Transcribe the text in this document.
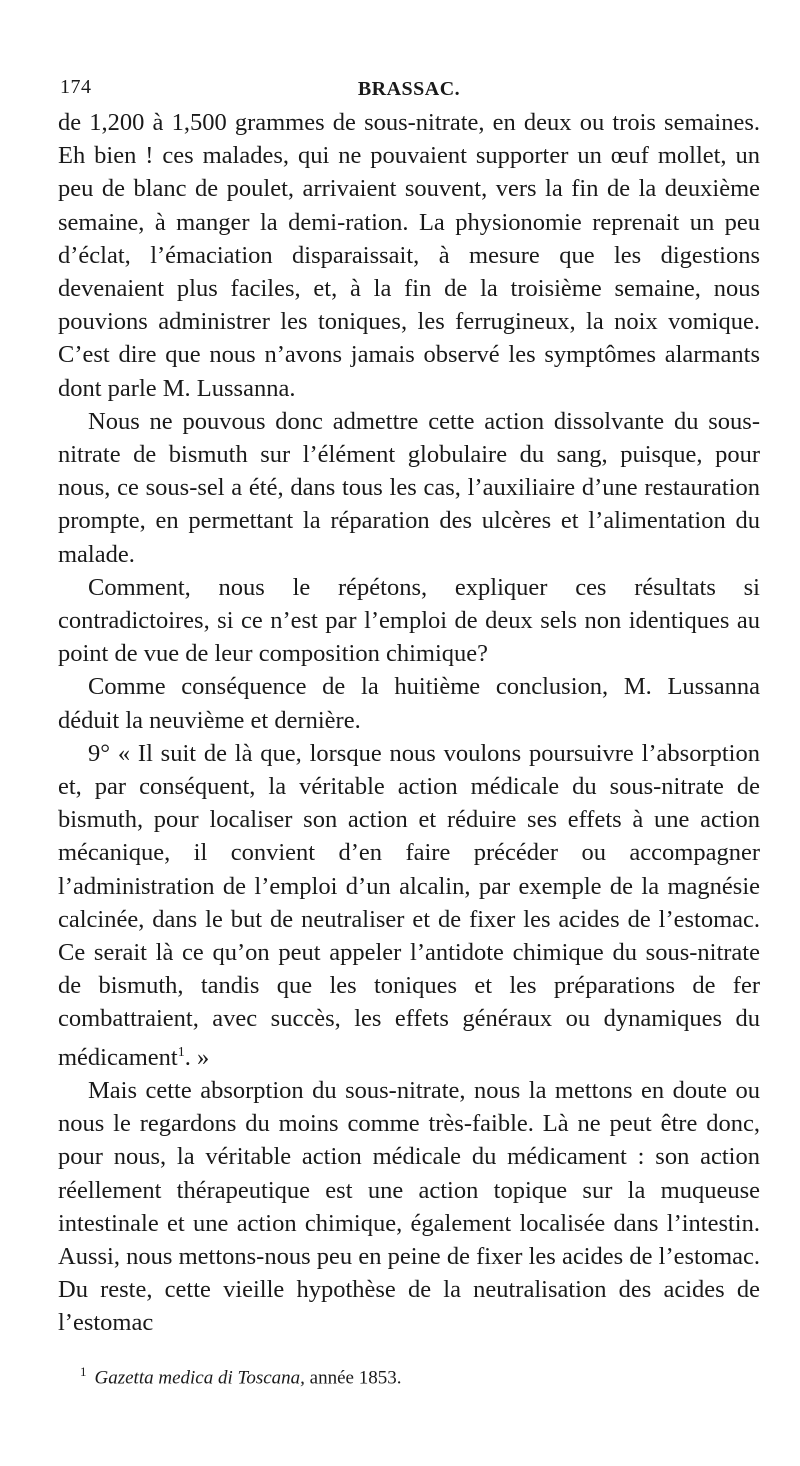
174	BRASSAC.

de 1,200 à 1,500 grammes de sous-nitrate, en deux ou trois semaines. Eh bien ! ces malades, qui ne pouvaient supporter un œuf mollet, un peu de blanc de poulet, arrivaient souvent, vers la fin de la deuxième semaine, à manger la demi-ration. La physionomie reprenait un peu d’éclat, l’émaciation disparaissait, à mesure que les digestions devenaient plus faciles, et, à la fin de la troisième semaine, nous pouvions administrer les toniques, les ferrugineux, la noix vomique. C’est dire que nous n’avons jamais observé les symptômes alarmants dont parle M. Lussanna.

Nous ne pouvous donc admettre cette action dissolvante du sous-nitrate de bismuth sur l’élément globulaire du sang, puisque, pour nous, ce sous-sel a été, dans tous les cas, l’auxiliaire d’une restauration prompte, en permettant la réparation des ulcères et l’alimentation du malade.

Comment, nous le répétons, expliquer ces résultats si contradictoires, si ce n’est par l’emploi de deux sels non identiques au point de vue de leur composition chimique?

Comme conséquence de la huitième conclusion, M. Lussanna déduit la neuvième et dernière.

9° « Il suit de là que, lorsque nous voulons poursuivre l’absorption et, par conséquent, la véritable action médicale du sous-nitrate de bismuth, pour localiser son action et réduire ses effets à une action mécanique, il convient d’en faire précéder ou accompagner l’administration de l’emploi d’un alcalin, par exemple de la magnésie calcinée, dans le but de neutraliser et de fixer les acides de l’estomac. Ce serait là ce qu’on peut appeler l’antidote chimique du sous-nitrate de bismuth, tandis que les toniques et les préparations de fer combattraient, avec succès, les effets généraux ou dynamiques du médicament$^1$. »

Mais cette absorption du sous-nitrate, nous la mettons en doute ou nous le regardons du moins comme très-faible. Là ne peut être donc, pour nous, la véritable action médicale du médicament : son action réellement thérapeutique est une action topique sur la muqueuse intestinale et une action chimique, également localisée dans l’intestin. Aussi, nous mettons-nous peu en peine de fixer les acides de l’estomac. Du reste, cette vieille hypothèse de la neutralisation des acides de l’estomac

$^1$ Gazetta medica di Toscana, année 1853.
